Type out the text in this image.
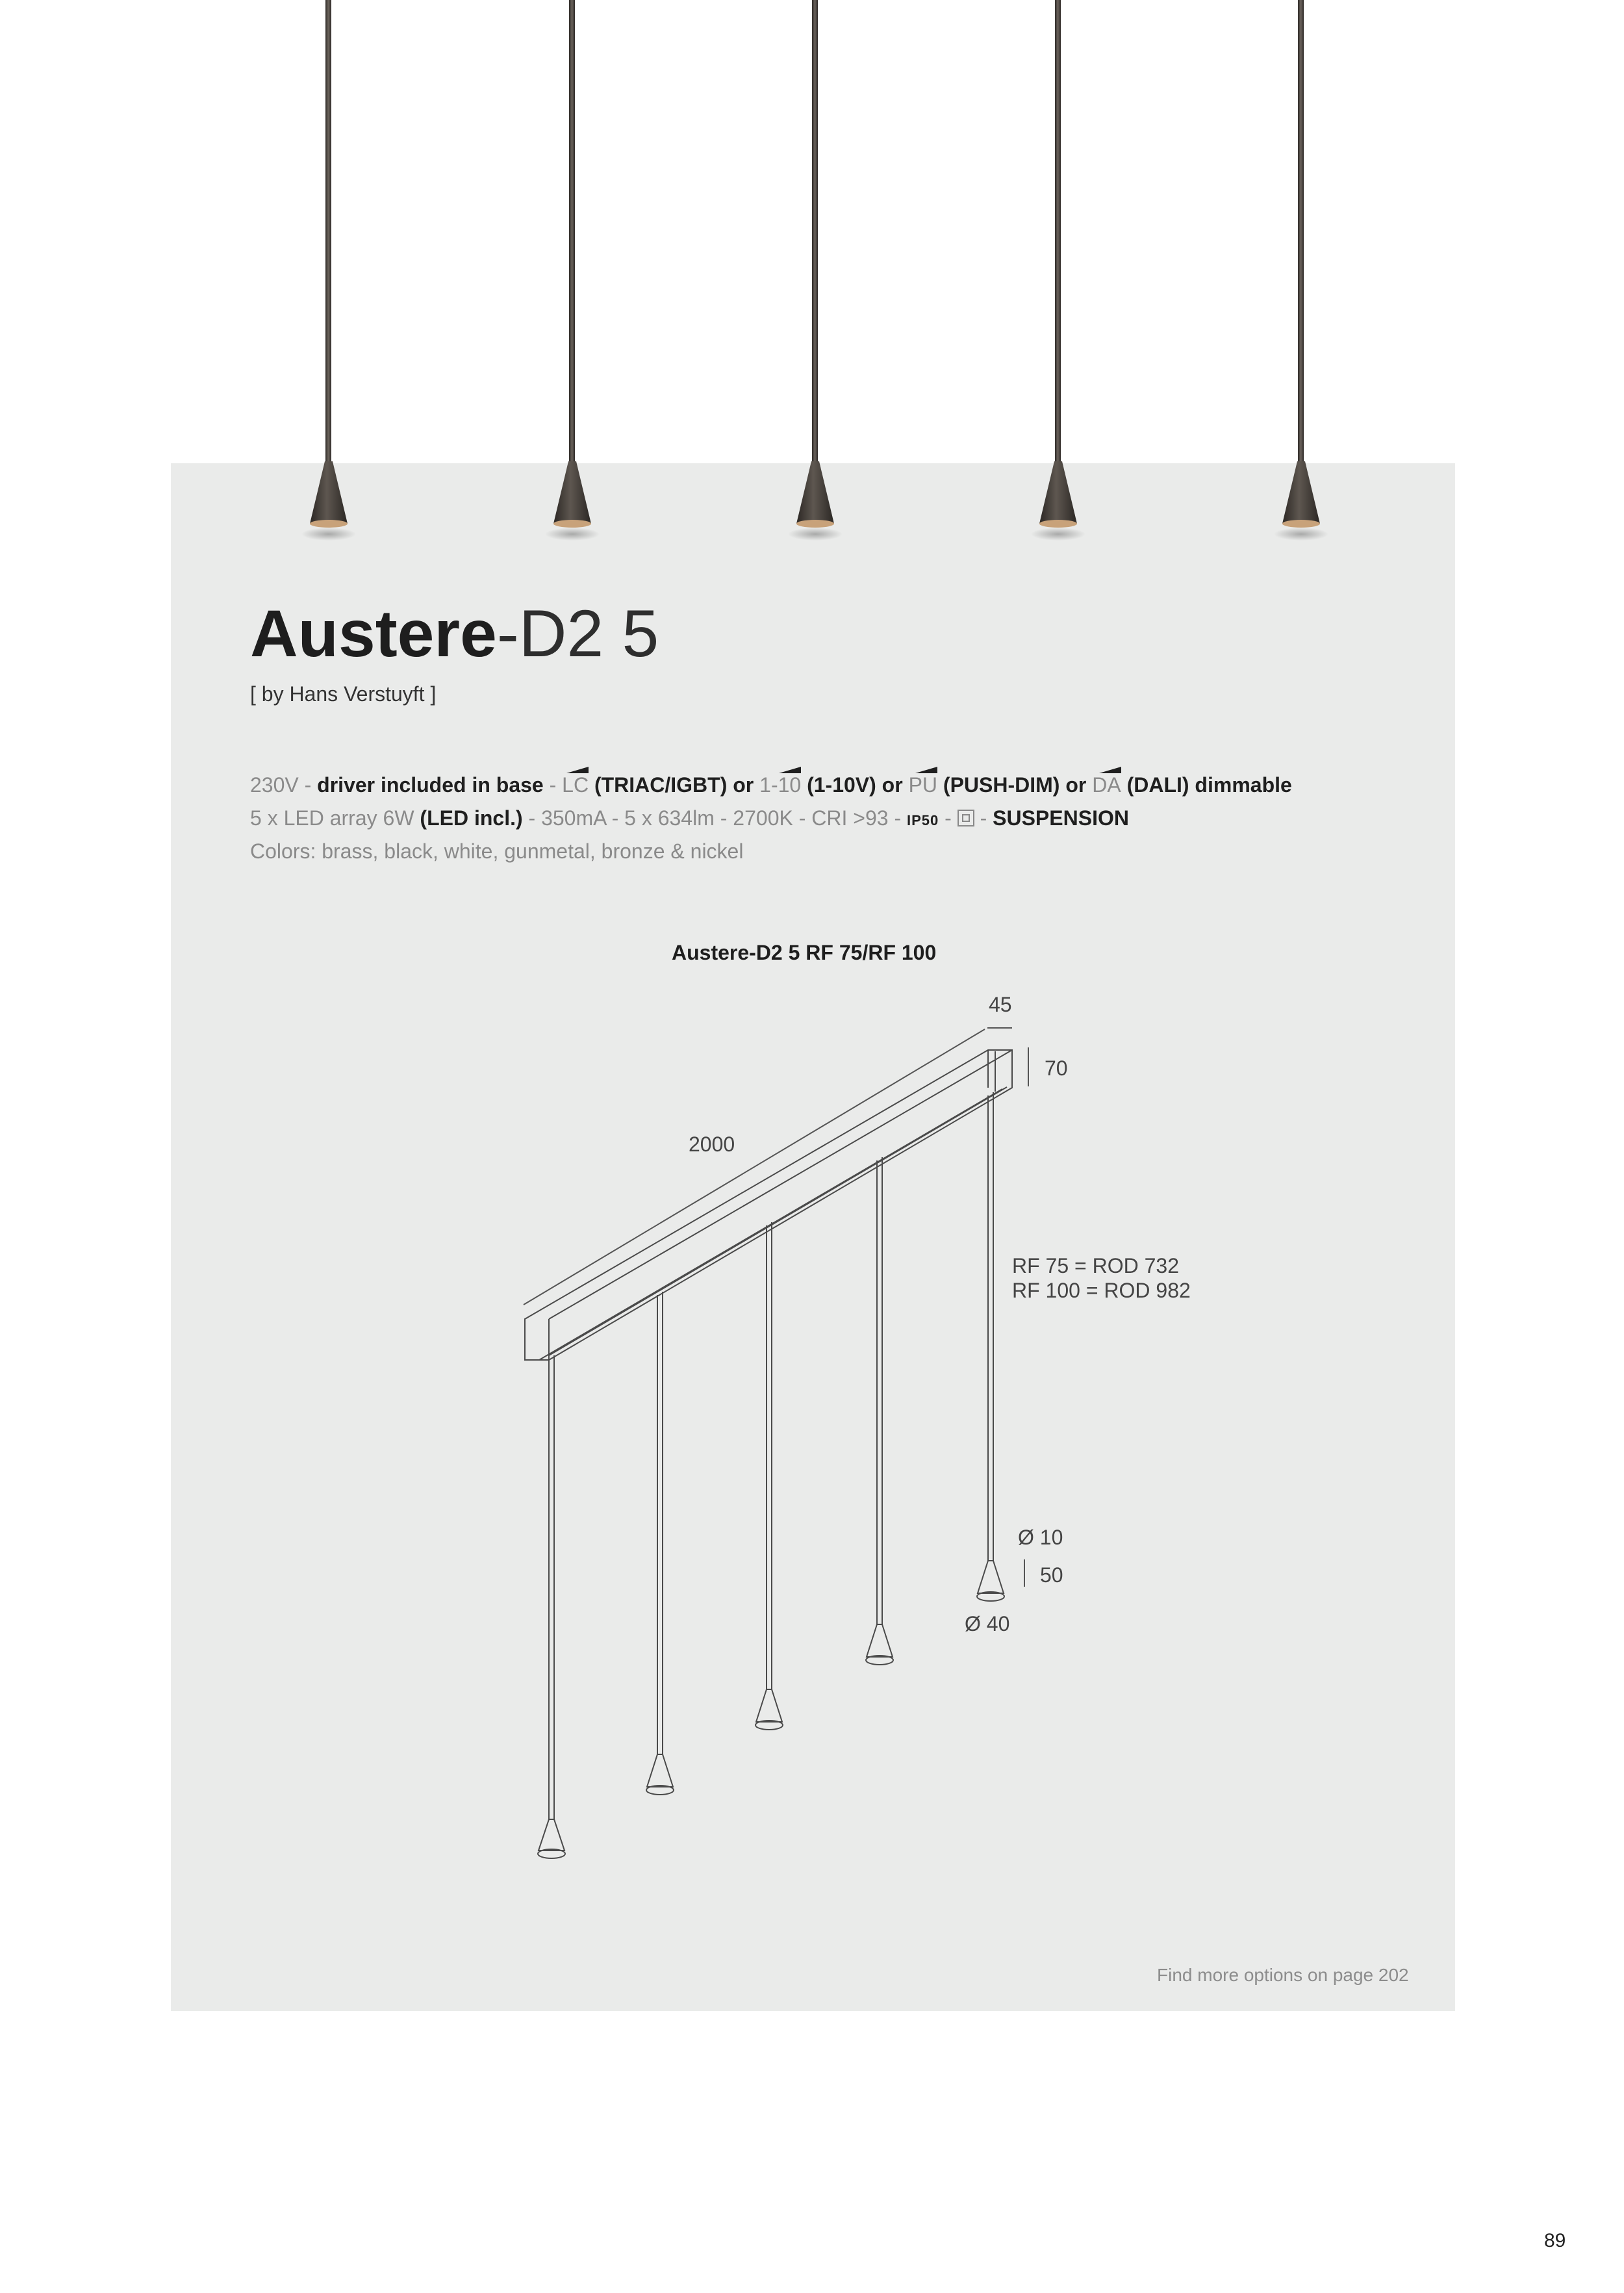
Austere-D2 5
[ by Hans Verstuyft ]
230V - driver included in base -
LC (TRIAC/IGBT) or
1-10 (1-10V) or
PU (PUSH-DIM) or
DA (DALI) dimmable
5 x LED array 6W (LED incl.) - 350mA - 5 x 634lm - 2700K - CRI >93 - IP50 -  - SUSPENSION
Colors: brass, black, white, gunmetal, bronze & nickel
Austere-D2 5 RF 75/RF 100
45
70
2000
RF 75 = ROD 732
RF 100 = ROD 982
Ø 10
50
Ø 40
Find more options on page 202
89
